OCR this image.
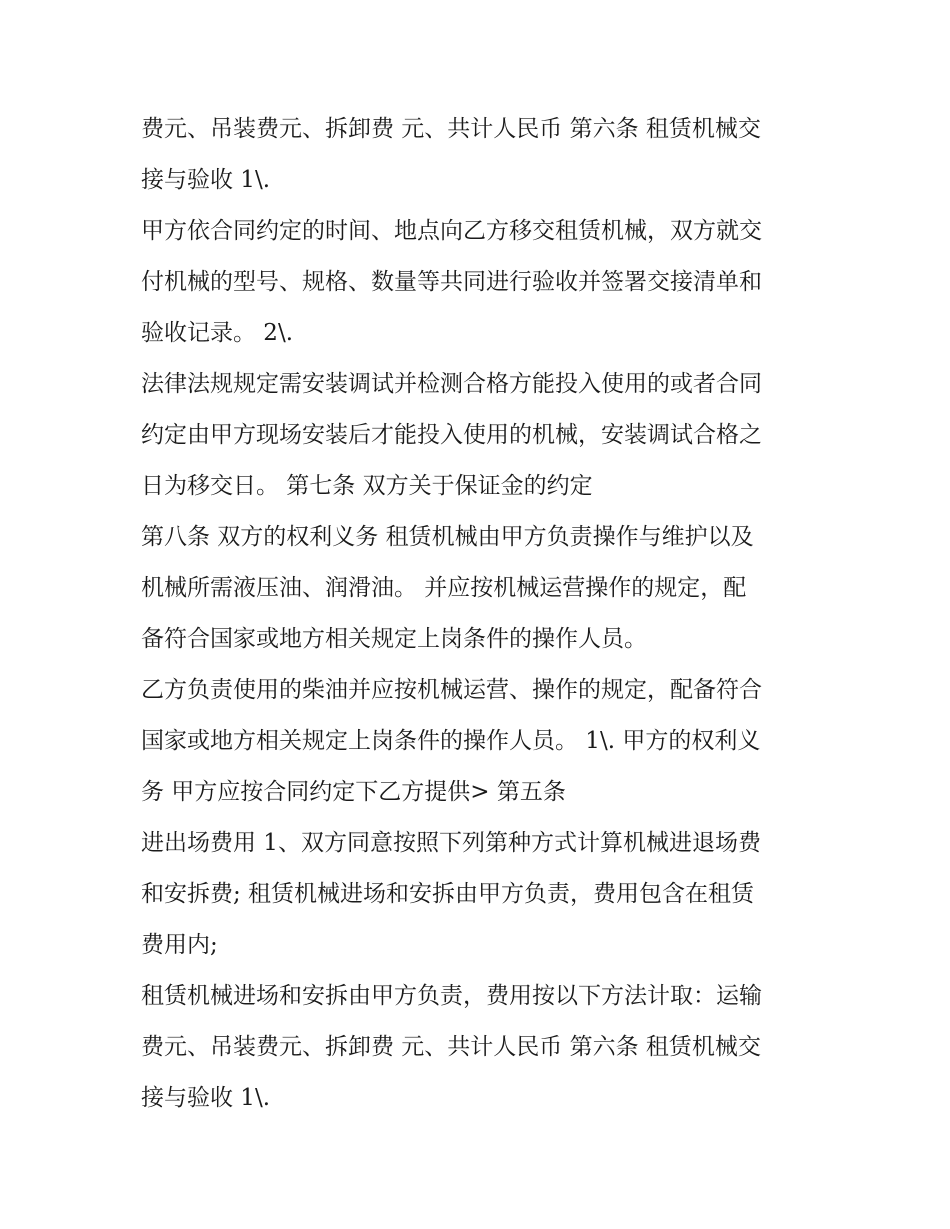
费元、吊装费元、拆卸费 元、共计人民币 第六条 租赁机械交
接与验收 1\.

甲方依合同约定的时间、地点向乙方移交租赁机械，双方就交
付机械的型号、规格、数量等共同进行验收并签署交接清单和
验收记录。 2\.

法律法规规定需安装调试并检测合格方能投入使用的或者合同
约定由甲方现场安装后才能投入使用的机械，安装调试合格之
日为移交日。 第七条 双方关于保证金的约定

第八条 双方的权利义务 租赁机械由甲方负责操作与维护以及
机械所需液压油、润滑油。 并应按机械运营操作的规定，配
备符合国家或地方相关规定上岗条件的操作人员。

乙方负责使用的柴油并应按机械运营、操作的规定，配备符合
国家或地方相关规定上岗条件的操作人员。 1\. 甲方的权利义
务 甲方应按合同约定下乙方提供> 第五条

进出场费用 1、双方同意按照下列第种方式计算机械进退场费
和安拆费; 租赁机械进场和安拆由甲方负责，费用包含在租赁
费用内;

租赁机械进场和安拆由甲方负责，费用按以下方法计取：运输
费元、吊装费元、拆卸费 元、共计人民币 第六条 租赁机械交
接与验收 1\.
